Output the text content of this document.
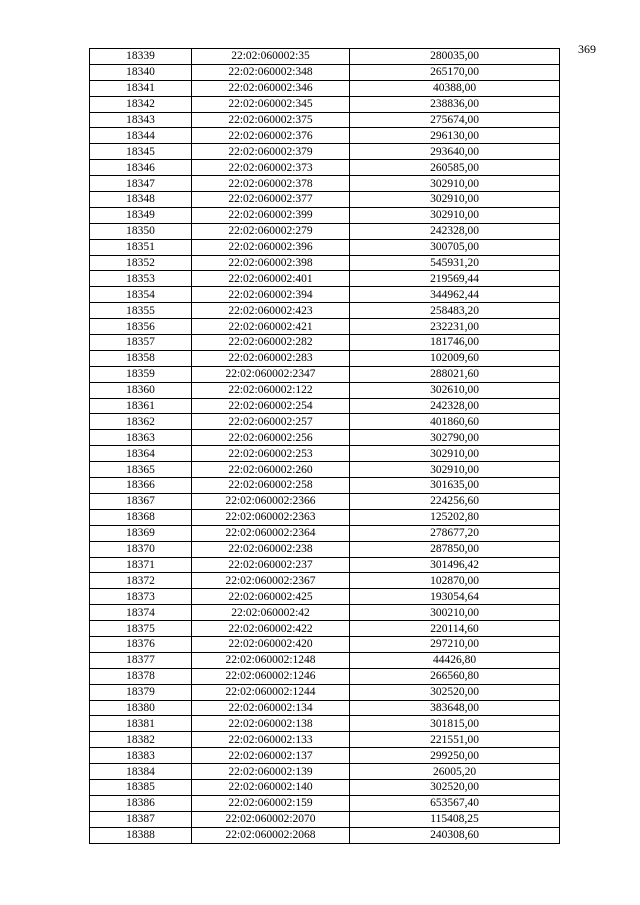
369
18339	22:02:060002:35	280035,00
18340	22:02:060002:348	265170,00
18341	22:02:060002:346	40388,00
18342	22:02:060002:345	238836,00
18343	22:02:060002:375	275674,00
18344	22:02:060002:376	296130,00
18345	22:02:060002:379	293640,00
18346	22:02:060002:373	260585,00
18347	22:02:060002:378	302910,00
18348	22:02:060002:377	302910,00
18349	22:02:060002:399	302910,00
18350	22:02:060002:279	242328,00
18351	22:02:060002:396	300705,00
18352	22:02:060002:398	545931,20
18353	22:02:060002:401	219569,44
18354	22:02:060002:394	344962,44
18355	22:02:060002:423	258483,20
18356	22:02:060002:421	232231,00
18357	22:02:060002:282	181746,00
18358	22:02:060002:283	102009,60
18359	22:02:060002:2347	288021,60
18360	22:02:060002:122	302610,00
18361	22:02:060002:254	242328,00
18362	22:02:060002:257	401860,60
18363	22:02:060002:256	302790,00
18364	22:02:060002:253	302910,00
18365	22:02:060002:260	302910,00
18366	22:02:060002:258	301635,00
18367	22:02:060002:2366	224256,60
18368	22:02:060002:2363	125202,80
18369	22:02:060002:2364	278677,20
18370	22:02:060002:238	287850,00
18371	22:02:060002:237	301496,42
18372	22:02:060002:2367	102870,00
18373	22:02:060002:425	193054,64
18374	22:02:060002:42	300210,00
18375	22:02:060002:422	220114,60
18376	22:02:060002:420	297210,00
18377	22:02:060002:1248	44426,80
18378	22:02:060002:1246	266560,80
18379	22:02:060002:1244	302520,00
18380	22:02:060002:134	383648,00
18381	22:02:060002:138	301815,00
18382	22:02:060002:133	221551,00
18383	22:02:060002:137	299250,00
18384	22:02:060002:139	26005,20
18385	22:02:060002:140	302520,00
18386	22:02:060002:159	653567,40
18387	22:02:060002:2070	115408,25
18388	22:02:060002:2068	240308,60
